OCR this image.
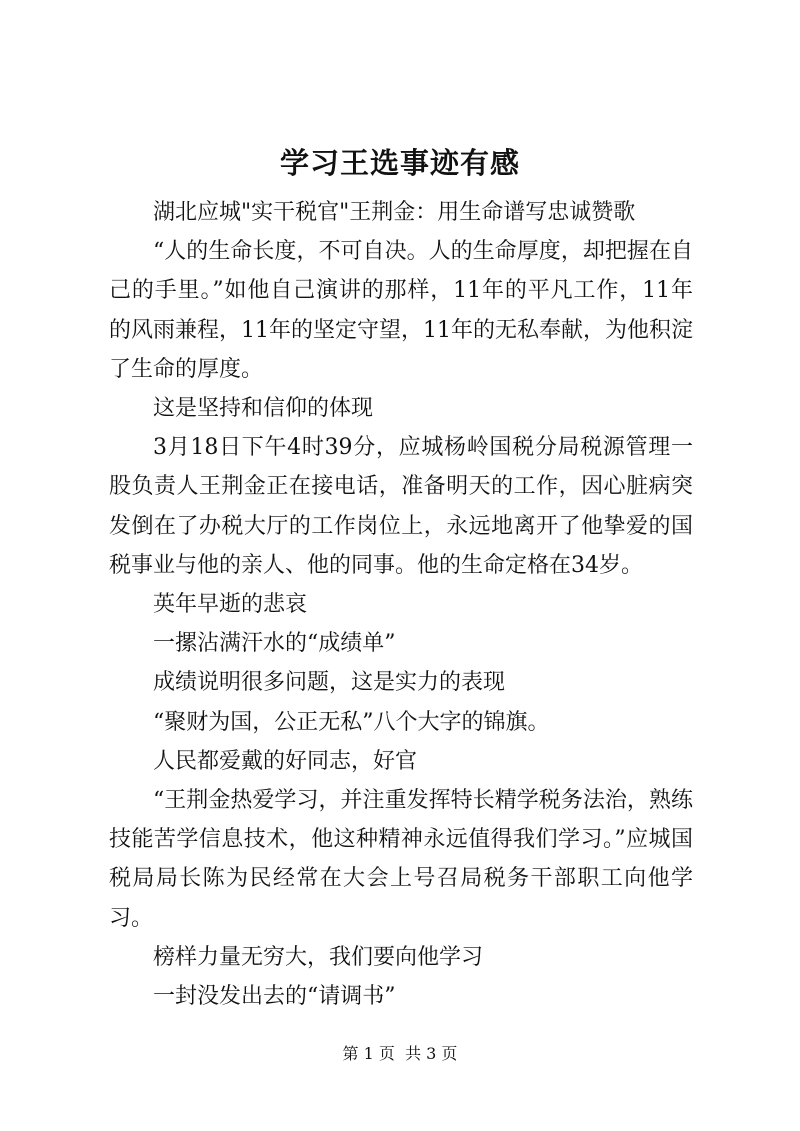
学习王选事迹有感

湖北应城"实干税官"王荆金：用生命谱写忠诚赞歌

“人的生命长度，不可自决。人的生命厚度，却把握在自己的手里。”如他自己演讲的那样，11年的平凡工作，11年的风雨兼程，11年的坚定守望，11年的无私奉献，为他积淀了生命的厚度。

这是坚持和信仰的体现

3月18日下午4时39分，应城杨岭国税分局税源管理一股负责人王荆金正在接电话，准备明天的工作，因心脏病突发倒在了办税大厅的工作岗位上，永远地离开了他挚爱的国税事业与他的亲人、他的同事。他的生命定格在34岁。

英年早逝的悲哀

一摞沾满汗水的“成绩单”

成绩说明很多问题，这是实力的表现

“聚财为国，公正无私”八个大字的锦旗。

人民都爱戴的好同志，好官

“王荆金热爱学习，并注重发挥特长精学税务法治，熟练技能苦学信息技术，他这种精神永远值得我们学习。”应城国税局局长陈为民经常在大会上号召局税务干部职工向他学习。

榜样力量无穷大，我们要向他学习

一封没发出去的“请调书”

第 1 页  共 3 页
